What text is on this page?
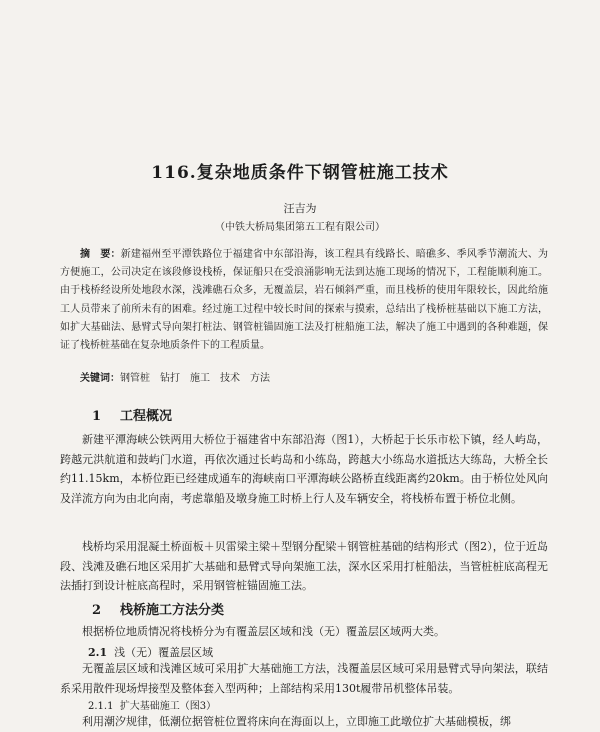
116.复杂地质条件下钢管桩施工技术
汪吉为
（中铁大桥局集团第五工程有限公司）
摘　要：新建福州至平潭铁路位于福建省中东部沿海，该工程具有线路长、暗礁多、季风季节潮流大、为方便施工，公司决定在该段修设栈桥，保证船只在受浪涌影响无法到达施工现场的情况下，工程能顺利施工。由于栈桥经设所处地段水深，浅滩礁石众多，无覆盖层，岩石倾斜严重，而且栈桥的使用年限较长，因此给施工人员带来了前所未有的困难。经过施工过程中较长时间的探索与摸索，总结出了栈桥桩基础以下施工方法，如扩大基础法、悬臂式导向架打桩法、钢管桩锚固施工法及打桩船施工法，解决了施工中遇到的各种难题，保证了栈桥桩基础在复杂地质条件下的工程质量。
关键词：钢管桩　钻打　施工　技术　方法
1 工程概况
新建平潭海峡公铁两用大桥位于福建省中东部沿海（图1），大桥起于长乐市松下镇，经人屿岛，跨越元洪航道和鼓屿门水道，再依次通过长屿岛和小练岛，跨越大小练岛水道抵达大练岛，大桥全长约11.15km，本桥位距已经建成通车的海峡南口平潭海峡公路桥直线距离约20km。由于桥位处风向及洋流方向为由北向南，考虑靠船及墩身施工时桥上行人及车辆安全，将栈桥布置于桥位北侧。
栈桥均采用混凝土桥面板＋贝雷梁主梁＋型钢分配梁＋钢管桩基础的结构形式（图2），位于近岛段、浅滩及礁石地区采用扩大基础和悬臂式导向架施工法，深水区采用打桩船法，当管桩桩底高程无法插打到设计桩底高程时，采用钢管桩锚固施工法。
2 栈桥施工方法分类
根据桥位地质情况将栈桥分为有覆盖层区域和浅（无）覆盖层区域两大类。
2.1 浅（无）覆盖层区域
无覆盖层区域和浅滩区域可采用扩大基础施工方法，浅覆盖层区域可采用悬臂式导向架法，联结系采用散件现场焊接型及整体套入型两种；上部结构采用130t履带吊机整体吊装。
2.1.1 扩大基础施工（图3）
利用潮汐规律，低潮位据管桩位置将床向在海面以上，立即施工此墩位扩大基础模板，绑
